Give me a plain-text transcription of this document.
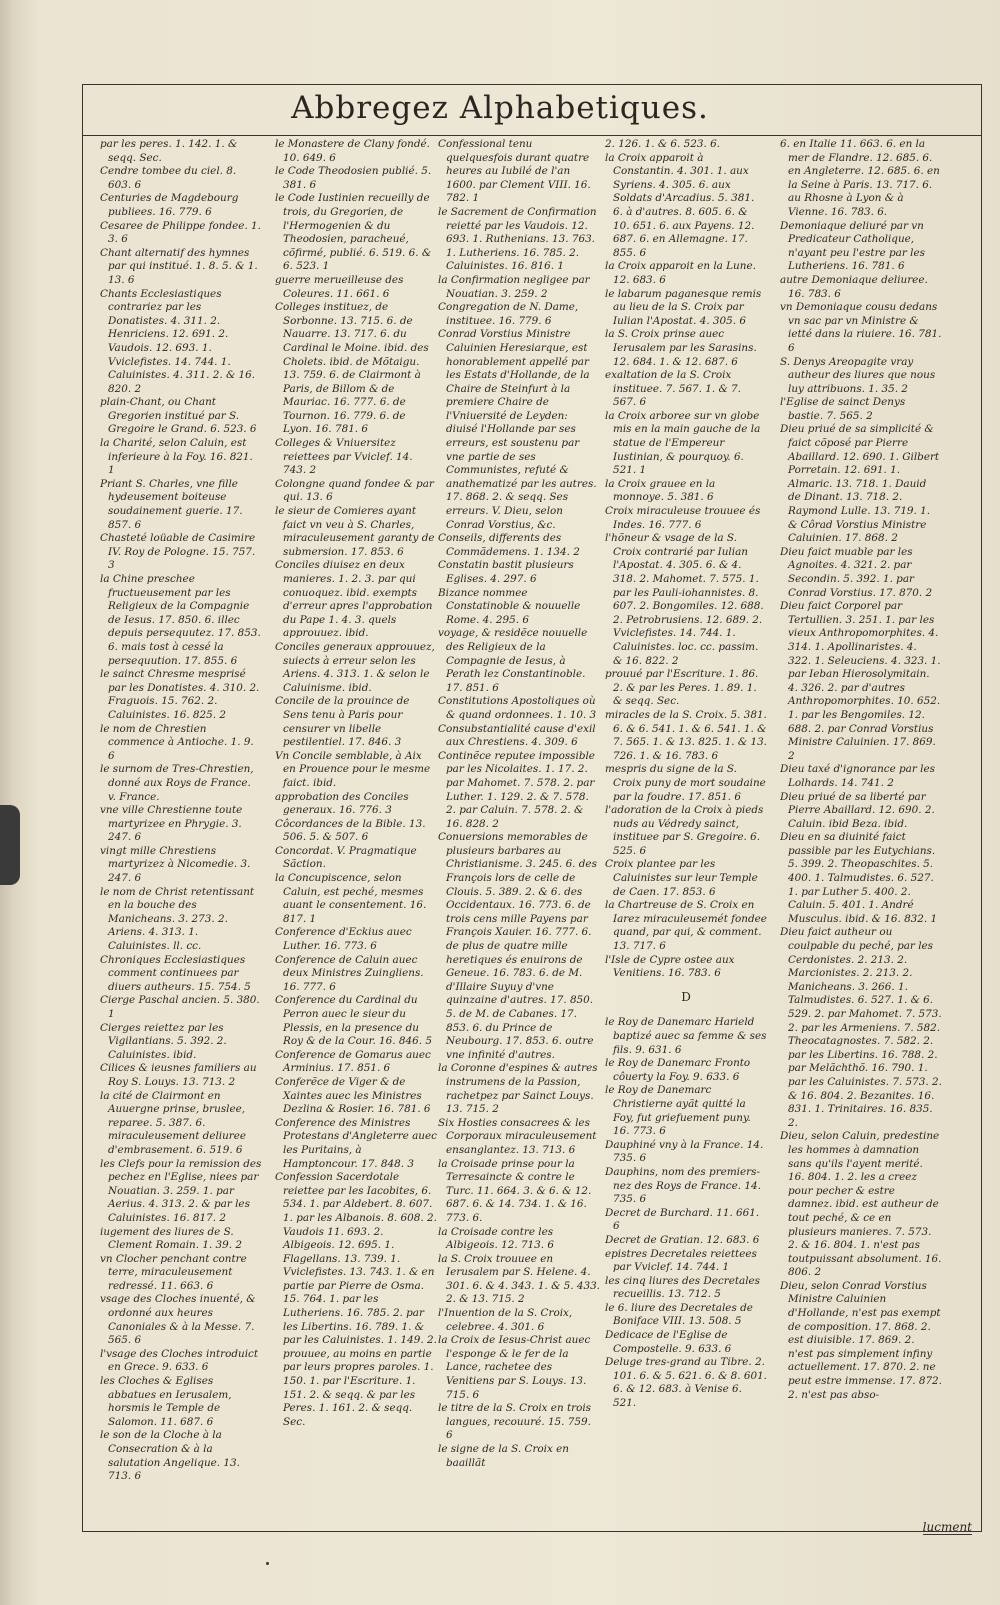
Abbregez Alphabetiques.

par les peres. 1. 142. 1. & seqq. Sec.

Cendre tombee du ciel. 8. 603. 6

Centuries de Magdebourg publiees. 16. 779. 6

Cesaree de Philippe fondee. 1. 3. 6

Chant alternatif des hymnes par qui institué. 1. 8. 5. & 1. 13. 6

Chants Ecclesiastiques contrariez par les Donatistes. 4. 311. 2. Henriciens. 12. 691. 2. Vaudois. 12. 693. 1. Vviclefistes. 14. 744. 1. Caluinistes. 4. 311. 2. & 16. 820. 2

plain-Chant, ou Chant Gregorien institué par S. Gregoire le Grand. 6. 523. 6

la Charité, selon Caluin, est inferieure à la Foy. 16. 821. 1

Priant S. Charles, vne fille hydeusement boiteuse soudainement guerie. 17. 857. 6

Chasteté loüable de Casimire IV. Roy de Pologne. 15. 757. 3

la Chine preschee fructueusement par les Religieux de la Compagnie de Iesus. 17. 850. 6. illec depuis persequutez. 17. 853. 6. mais tost à cessé la persequution. 17. 855. 6

le sainct Chresme mesprisé par les Donatistes. 4. 310. 2. Fraguois. 15. 762. 2. Caluinistes. 16. 825. 2

le nom de Chrestien commence à Antioche. 1. 9. 6

le surnom de Tres-Chrestien, donné aux Roys de France. v. France.

vne ville Chrestienne toute martyrizee en Phrygie. 3. 247. 6

vingt mille Chrestiens martyrizez à Nicomedie. 3. 247. 6

le nom de Christ retentissant en la bouche des Manicheans. 3. 273. 2. Ariens. 4. 313. 1. Caluinistes. ll. cc.

Chroniques Ecclesiastiques comment continuees par diuers autheurs. 15. 754. 5

Cierge Paschal ancien. 5. 380. 1

Cierges reiettez par les Vigilantians. 5. 392. 2. Caluinistes. ibid.

Cilices & ieusnes familiers au Roy S. Louys. 13. 713. 2

la cité de Clairmont en Auuergne prinse, bruslee, reparee. 5. 387. 6. miraculeusement deliuree d'embrasement. 6. 519. 6

les Clefs pour la remission des pechez en l'Eglise, niees par Nouatian. 3. 259. 1. par Aerius. 4. 313. 2. & par les Caluinistes. 16. 817. 2

iugement des liures de S. Clement Romain. 1. 39. 2

vn Clocher penchant contre terre, miraculeusement redressé. 11. 663. 6

vsage des Cloches inuenté, & ordonné aux heures Canoniales & à la Messe. 7. 565. 6

l'vsage des Cloches introduict en Grece. 9. 633. 6

les Cloches & Eglises abbatues en Ierusalem, horsmis le Temple de Salomon. 11. 687. 6

le son de la Cloche à la Consecration & à la salutation Angelique. 13. 713. 6

le Monastere de Clany fondé. 10. 649. 6

le Code Theodosien publié. 5. 381. 6

le Code Iustinien recueilly de trois, du Gregorien, de l'Hermogenien & du Theodosien, paracheué, cõfirmé, publié. 6. 519. 6. & 6. 523. 1

guerre merueilleuse des Coleures. 11. 661. 6

Colleges instituez, de Sorbonne. 13. 715. 6. de Nauarre. 13. 717. 6. du Cardinal le Moine. ibid. des Cholets. ibid. de Mõtaigu. 13. 759. 6. de Clairmont à Paris, de Billom & de Mauriac. 16. 777. 6. de Tournon. 16. 779. 6. de Lyon. 16. 781. 6

Colleges & Vniuersitez reiettees par Vviclef. 14. 743. 2

Colongne quand fondee & par qui. 13. 6

le sieur de Comieres ayant faict vn veu à S. Charles, miraculeusement garanty de submersion. 17. 853. 6

Conciles diuisez en deux manieres. 1. 2. 3. par qui conuoquez. ibid. exempts d'erreur apres l'approbation du Pape 1. 4. 3. quels approuuez. ibid.

Conciles generaux approuuez, suiects à erreur selon les Ariens. 4. 313. 1. & selon le Caluinisme. ibid.

Concile de la prouince de Sens tenu à Paris pour censurer vn libelle pestilentiel. 17. 846. 3

Vn Concile semblable, à Aix en Prouence pour le mesme faict. ibid.

approbation des Conciles generaux. 16. 776. 3

Côcordances de la Bible. 13. 506. 5. & 507. 6

Concordat. V. Pragmatique Sãction.

la Concupiscence, selon Caluin, est peché, mesmes auant le consentement. 16. 817. 1

Conference d'Eckius auec Luther. 16. 773. 6

Conference de Caluin auec deux Ministres Zuingliens. 16. 777. 6

Conference du Cardinal du Perron auec le sieur du Plessis, en la presence du Roy & de la Cour. 16. 846. 5

Conference de Gomarus auec Arminius. 17. 851. 6

Conferẽce de Viger & de Xaintes auec les Ministres Dezlina & Rosier. 16. 781. 6

Conference des Ministres Protestans d'Angleterre auec les Puritains, à Hamptoncour. 17. 848. 3

Confession Sacerdotale reiettee par les Iacobites, 6. 534. 1. par Aldebert. 8. 607. 1. par les Albanois. 8. 608. 2. Vaudois 11. 693. 2. Albigeois. 12. 695. 1. Flagellans. 13. 739. 1. Vviclefistes. 13. 743. 1. & en partie par Pierre de Osma. 15. 764. 1. par les Lutheriens. 16. 785. 2. par les Libertins. 16. 789. 1. & par les Caluinistes. 1. 149. 2. prouuee, au moins en partie par leurs propres paroles. 1. 150. 1. par l'Escriture. 1. 151. 2. & seqq. & par les Peres. 1. 161. 2. & seqq. Sec.

Confessional tenu quelquesfois durant quatre heures au Iubilé de l'an 1600. par Clement VIII. 16. 782. 1

le Sacrement de Confirmation reietté par les Vaudois. 12. 693. 1. Ruthenians. 13. 763. 1. Lutheriens. 16. 785. 2. Caluinistes. 16. 816. 1

la Confirmation negligee par Nouatian. 3. 259. 2

Congregation de N. Dame, instituee. 16. 779. 6

Conrad Vorstius Ministre Caluinien Heresiarque, est honorablement appellé par les Estats d'Hollande, de la Chaire de Steinfurt à la premiere Chaire de l'Vniuersité de Leyden: diuisé l'Hollande par ses erreurs, est soustenu par vne partie de ses Communistes, refuté & anathematizé par les autres. 17. 868. 2. & seqq. Ses erreurs. V. Dieu, selon Conrad Vorstius, &c.

Conseils, differents des Commãdemens. 1. 134. 2

Constatin bastit plusieurs Eglises. 4. 297. 6

Bizance nommee Constatinoble & nouuelle Rome. 4. 295. 6

voyage, & residẽce nouuelle des Religieux de la Compagnie de Iesus, à Perath lez Constantinoble. 17. 851. 6

Constitutions Apostoliques où & quand ordonnees. 1. 10. 3

Consubstantialité cause d'exil aux Chrestiens. 4. 309. 6

Continẽce reputee impossible par les Nicolaites. 1. 17. 2. par Mahomet. 7. 578. 2. par Luther. 1. 129. 2. & 7. 578. 2. par Caluin. 7. 578. 2. & 16. 828. 2

Conuersions memorables de plusieurs barbares au Christianisme. 3. 245. 6. des François lors de celle de Clouis. 5. 389. 2. & 6. des Occidentaux. 16. 773. 6. de trois cens mille Payens par François Xauier. 16. 777. 6. de plus de quatre mille heretiques és enuirons de Geneue. 16. 783. 6. de M. d'Illaire Suyuy d'vne quinzaine d'autres. 17. 850. 5. de M. de Cabanes. 17. 853. 6. du Prince de Neubourg. 17. 853. 6. outre vne infinité d'autres.

la Coronne d'espines & autres instrumens de la Passion, rachetpez par Sainct Louys. 13. 715. 2

Six Hosties consacrees & les Corporaux miraculeusement ensanglantez. 13. 713. 6

la Croisade prinse pour la Terresaincte & contre le Turc. 11. 664. 3. & 6. & 12. 687. 6. & 14. 734. 1. & 16. 773. 6.

la Croisade contre les Albigeois. 12. 713. 6

la S. Croix trouuee en Ierusalem par S. Helene. 4. 301. 6. & 4. 343. 1. & 5. 433. 2. & 13. 715. 2

l'Inuention de la S. Croix, celebree. 4. 301. 6

la Croix de Iesus-Christ auec l'esponge & le fer de la Lance, rachetee des Venitiens par S. Louys. 13. 715. 6

le titre de la S. Croix en trois langues, recouuré. 15. 759. 6

le signe de la S. Croix en baaillãt

2. 126. 1. & 6. 523. 6.

la Croix apparoit à Constantin. 4. 301. 1. aux Syriens. 4. 305. 6. aux Soldats d'Arcadius. 5. 381. 6. à d'autres. 8. 605. 6. & 10. 651. 6. aux Payens. 12. 687. 6. en Allemagne. 17. 855. 6

la Croix apparoit en la Lune. 12. 683. 6

le labarum paganesque remis au lieu de la S. Croix par Iulian l'Apostat. 4. 305. 6

la S. Croix prinse auec Ierusalem par les Sarasins. 12. 684. 1. & 12. 687. 6

exaltation de la S. Croix instituee. 7. 567. 1. & 7. 567. 6

la Croix arboree sur vn globe mis en la main gauche de la statue de l'Empereur Iustinian, & pourquoy. 6. 521. 1

la Croix grauee en la monnoye. 5. 381. 6

Croix miraculeuse trouuee és Indes. 16. 777. 6

l'hõneur & vsage de la S. Croix contrarié par Iulian l'Apostat. 4. 305. 6. & 4. 318. 2. Mahomet. 7. 575. 1. par les Pauli-iohannistes. 8. 607. 2. Bongomiles. 12. 688. 2. Petrobrusiens. 12. 689. 2. Vviclefistes. 14. 744. 1. Caluinistes. loc. cc. passim. & 16. 822. 2

prouué par l'Escriture. 1. 86. 2. & par les Peres. 1. 89. 1. & seqq. Sec.

miracles de la S. Croix. 5. 381. 6. & 6. 541. 1. & 6. 541. 1. & 7. 565. 1. & 13. 825. 1. & 13. 726. 1. & 16. 783. 6

mespris du signe de la S. Croix puny de mort soudaine par la foudre. 17. 851. 6

l'adoration de la Croix à pieds nuds au Védredy sainct, instituee par S. Gregoire. 6. 525. 6

Croix plantee par les Caluinistes sur leur Temple de Caen. 17. 853. 6

la Chartreuse de S. Croix en Iarez miraculeusemét fondee quand, par qui, & comment. 13. 717. 6

l'Isle de Cypre ostee aux Venitiens. 16. 783. 6

D

le Roy de Danemarc Harield baptizé auec sa femme & ses fils. 9. 631. 6

le Roy de Danemarc Fronto côuerty la Foy. 9. 633. 6

le Roy de Danemarc Christierne ayãt quitté la Foy, fut griefuement puny. 16. 773. 6

Dauphiné vny à la France. 14. 735. 6

Dauphins, nom des premiers-nez des Roys de France. 14. 735. 6

Decret de Burchard. 11. 661. 6

Decret de Gratian. 12. 683. 6

epistres Decretales reiettees par Vviclef. 14. 744. 1

les cinq liures des Decretales recueillis. 13. 712. 5

le 6. liure des Decretales de Boniface VIII. 13. 508. 5

Dedicace de l'Eglise de Compostelle. 9. 633. 6

Deluge tres-grand au Tibre. 2. 101. 6. & 5. 621. 6. & 8. 601. 6. & 12. 683. à Venise 6. 521.

6. en Italie 11. 663. 6. en la mer de Flandre. 12. 685. 6. en Angleterre. 12. 685. 6. en la Seine à Paris. 13. 717. 6. au Rhosne à Lyon & à Vienne. 16. 783. 6.

Demoniaque deliuré par vn Predicateur Catholique, n'ayant peu l'estre par les Lutheriens. 16. 781. 6

autre Demoniaque deliuree. 16. 783. 6

vn Demoniaque cousu dedans vn sac par vn Ministre & ietté dans la riuiere. 16. 781. 6

S. Denys Areopagite vray autheur des liures que nous luy attribuons. 1. 35. 2

l'Eglise de sainct Denys bastie. 7. 565. 2

Dieu priué de sa simplicité & faict cõposé par Pierre Abaillard. 12. 690. 1. Gilbert Porretain. 12. 691. 1. Almaric. 13. 718. 1. Dauid de Dinant. 13. 718. 2. Raymond Lulle. 13. 719. 1. & Côrad Vorstius Ministre Caluinien. 17. 868. 2

Dieu faict muable par les Agnoites. 4. 321. 2. par Secondin. 5. 392. 1. par Conrad Vorstius. 17. 870. 2

Dieu faict Corporel par Tertullien. 3. 251. 1. par les vieux Anthropomorphites. 4. 314. 1. Apollinaristes. 4. 322. 1. Seleuciens. 4. 323. 1. par Ieban Hierosolymitain. 4. 326. 2. par d'autres Anthropomorphites. 10. 652. 1. par les Bengomiles. 12. 688. 2. par Conrad Vorstius Ministre Caluinien. 17. 869. 2

Dieu taxé d'ignorance par les Lolhards. 14. 741. 2

Dieu priué de sa liberté par Pierre Abaillard. 12. 690. 2. Caluin. ibid Beza. ibid.

Dieu en sa diuinité faict passible par les Eutychians. 5. 399. 2. Theopaschites. 5. 400. 1. Talmudistes. 6. 527. 1. par Luther 5. 400. 2. Caluin. 5. 401. 1. André Musculus. ibid. & 16. 832. 1

Dieu faict autheur ou coulpable du peché, par les Cerdonistes. 2. 213. 2. Marcionistes. 2. 213. 2. Manicheans. 3. 266. 1. Talmudistes. 6. 527. 1. & 6. 529. 2. par Mahomet. 7. 573. 2. par les Armeniens. 7. 582. Theocatagnostes. 7. 582. 2. par les Libertins. 16. 788. 2. par Melãchthõ. 16. 790. 1. par les Caluinistes. 7. 573. 2. & 16. 804. 2. Bezanites. 16. 831. 1. Trinitaires. 16. 835. 2.

Dieu, selon Caluin, predestine les hommes à damnation sans qu'ils l'ayent merité. 16. 804. 1. 2. les a creez pour pecher & estre damnez. ibid. est autheur de tout peché, & ce en plusieurs manieres. 7. 573. 2. & 16. 804. 1. n'est pas toutpuissant absolument. 16. 806. 2

Dieu, selon Conrad Vorstius Ministre Caluinien d'Hollande, n'est pas exempt de composition. 17. 868. 2. est diuisible. 17. 869. 2. n'est pas simplement infiny actuellement. 17. 870. 2. ne peut estre immense. 17. 872. 2. n'est pas abso-

lucment
